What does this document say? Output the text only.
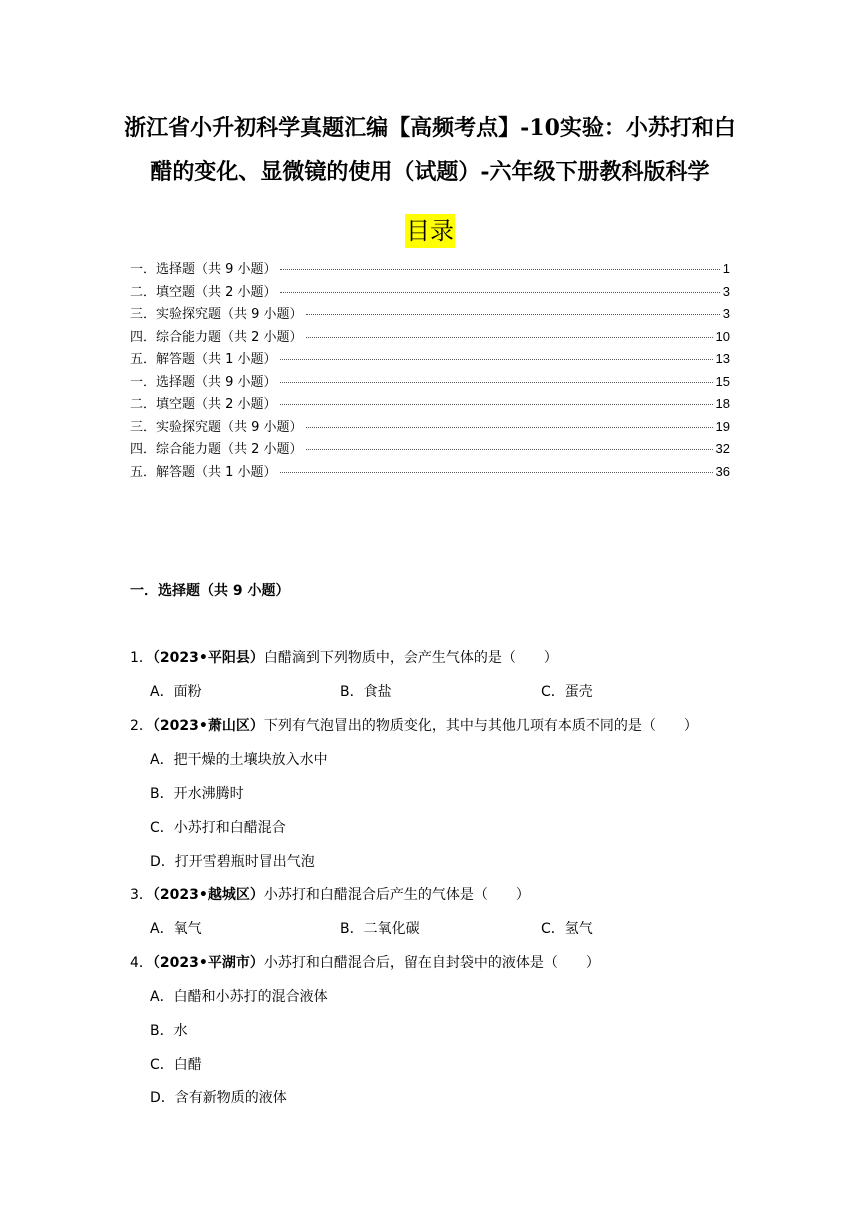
浙江省小升初科学真题汇编【高频考点】-10实验：小苏打和白
醋的变化、显微镜的使用（试题）-六年级下册教科版科学
目录
一．选择题（共 9 小题）	1
二．填空题（共 2 小题）	3
三．实验探究题（共 9 小题）	3
四．综合能力题（共 2 小题）	10
五．解答题（共 1 小题）	13
一．选择题（共 9 小题）	15
二．填空题（共 2 小题）	18
三．实验探究题（共 9 小题）	19
四．综合能力题（共 2 小题）	32
五．解答题（共 1 小题）	36
一．选择题（共 9 小题）

1．（2023•平阳县）白醋滴到下列物质中，会产生气体的是（　　）

A．面粉	B．食盐	C．蛋壳

2．（2023•萧山区）下列有气泡冒出的物质变化，其中与其他几项有本质不同的是（　　）

A．把干燥的土壤块放入水中
B．开水沸腾时
C．小苏打和白醋混合
D．打开雪碧瓶时冒出气泡

3．（2023•越城区）小苏打和白醋混合后产生的气体是（　　）

A．氧气	B．二氧化碳	C．氢气

4．（2023•平湖市）小苏打和白醋混合后，留在自封袋中的液体是（　　）

A．白醋和小苏打的混合液体
B．水
C．白醋
D．含有新物质的液体
